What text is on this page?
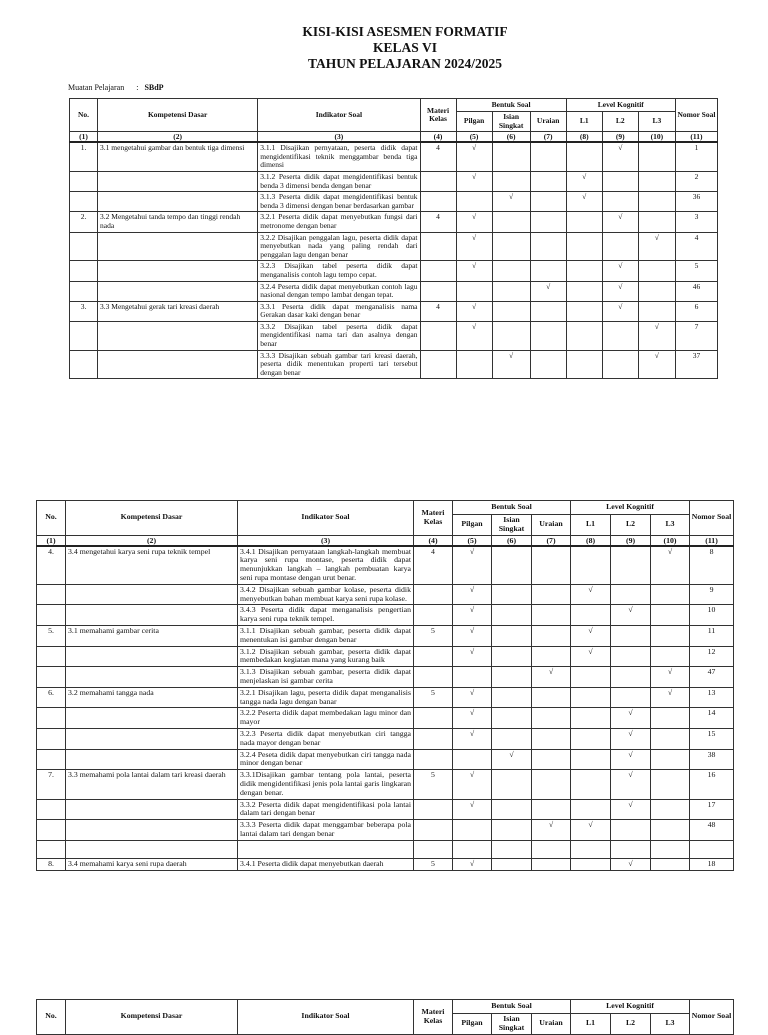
KISI-KISI ASESMEN FORMATIF
KELAS VI
TAHUN PELAJARAN 2024/2025
Muatan Pelajaran : SBdP
No.	Kompetensi Dasar	Indikator Soal	Materi Kelas	Bentuk Soal			Level Kognitif			Nomor Soal
				Pilgan	Isian Singkat	Uraian	L1	L2	L3	
(1)	(2)	(3)	(4)	(5)	(6)	(7)	(8)	(9)	(10)	(11)
1.	3.1 mengetahui gambar dan bentuk tiga dimensi	3.1.1 Disajikan pernyataan, peserta didik dapat mengidentifikasi teknik menggambar benda tiga dimensi	4	√				√		1
		3.1.2 Peserta didik dapat mengidentifikasi bentuk benda 3 dimensi benda dengan benar		√			√			2
		3.1.3 Peserta didik dapat mengidentifikasi bentuk benda 3 dimensi dengan benar berdasarkan gambar			√		√			36
2.	3.2 Mengetahui tanda tempo dan tinggi rendah nada	3.2.1 Peserta didik dapat menyebutkan fungsi dari metronome dengan benar	4	√				√		3
		3.2.2 Disajikan penggalan lagu, peserta didik dapat menyebutkan nada yang paling rendah dari penggalan lagu dengan benar		√					√	4
		3.2.3 Disajikan tabel peserta didik dapat menganalisis contoh lagu tempo cepat.		√				√		5
		3.2.4 Peserta didik dapat menyebutkan contoh lagu nasional dengan tempo lambat dengan tepat.				√		√		46
3.	3.3 Mengetahui gerak tari kreasi daerah	3.3.1 Peserta didik dapat menganalisis nama Gerakan dasar kaki dengan benar	4	√				√		6
		3.3.2 Disajikan tabel peserta didik dapat mengidentifikasi nama tari dan asalnya dengan benar		√					√	7
		3.3.3 Disajikan sebuah gambar tari kreasi daerah, peserta didik menentukan properti tari tersebut dengan benar			√				√	37
No.	Kompetensi Dasar	Indikator Soal	Materi Kelas	Bentuk Soal			Level Kognitif			Nomor Soal
				Pilgan	Isian Singkat	Uraian	L1	L2	L3	
(1)	(2)	(3)	(4)	(5)	(6)	(7)	(8)	(9)	(10)	(11)
4.	3.4 mengetahui karya seni rupa teknik tempel	3.4.1 Disajikan pernyataan langkah-langkah membuat karya seni rupa montase, peserta didik dapat menunjukkan langkah – langkah pembuatan karya seni rupa montase dengan urut benar.	4	√					√	8
		3.4.2 Disajikan sebuah gambar kolase, peserta didik menyebutkan bahan membuat karya seni rupa kolase.		√			√			9
		3.4.3 Peserta didik dapat menganalisis pengertian karya seni rupa teknik tempel.		√				√		10
5.	3.1 memahami gambar cerita	3.1.1 Disajikan sebuah gambar, peserta didik dapat menentukan isi gambar dengan benar	5	√			√			11
		3.1.2 Disajikan sebuah gambar, peserta didik dapat membedakan kegiatan mana yang kurang baik		√			√			12
		3.1.3 Disajikan sebuah gambar, peserta didik dapat menjelaskan isi gambar cerita				√			√	47
6.	3.2 memahami tangga nada	3.2.1 Disajikan lagu, peserta didik dapat menganalisis tangga nada lagu dengan banar	5	√					√	13
		3.2.2 Peserta didik dapat membedakan lagu minor dan mayor		√				√		14
		3.2.3 Peserta didik dapat menyebutkan ciri tangga nada mayor dengan benar		√				√		15
		3.2.4 Peseta didik dapat menyebutkan ciri tangga nada minor dengan benar			√			√		38
7.	3.3 memahami pola lantai dalam tari kreasi daerah	3.3.1Disajikan gambar tentang pola lantai, peserta didik mengidentifikasi jenis pola lantai garis lingkaran dengan benar.	5	√				√		16
		3.3.2 Peserta didik dapat mengidentifikasi pola lantai dalam tari dengan benar		√				√		17
		3.3.3 Peserta didik dapat menggambar beberapa pola lantai dalam tari dengan benar				√	√			48

8.	3.4 memahami karya seni rupa daerah	3.4.1 Peserta didik dapat menyebutkan daerah	5	√				√		18
No.	Kompetensi Dasar	Indikator Soal	Materi Kelas	Bentuk Soal			Level Kognitif			Nomor Soal
				Pilgan	Isian Singkat	Uraian	L1	L2	L3	
